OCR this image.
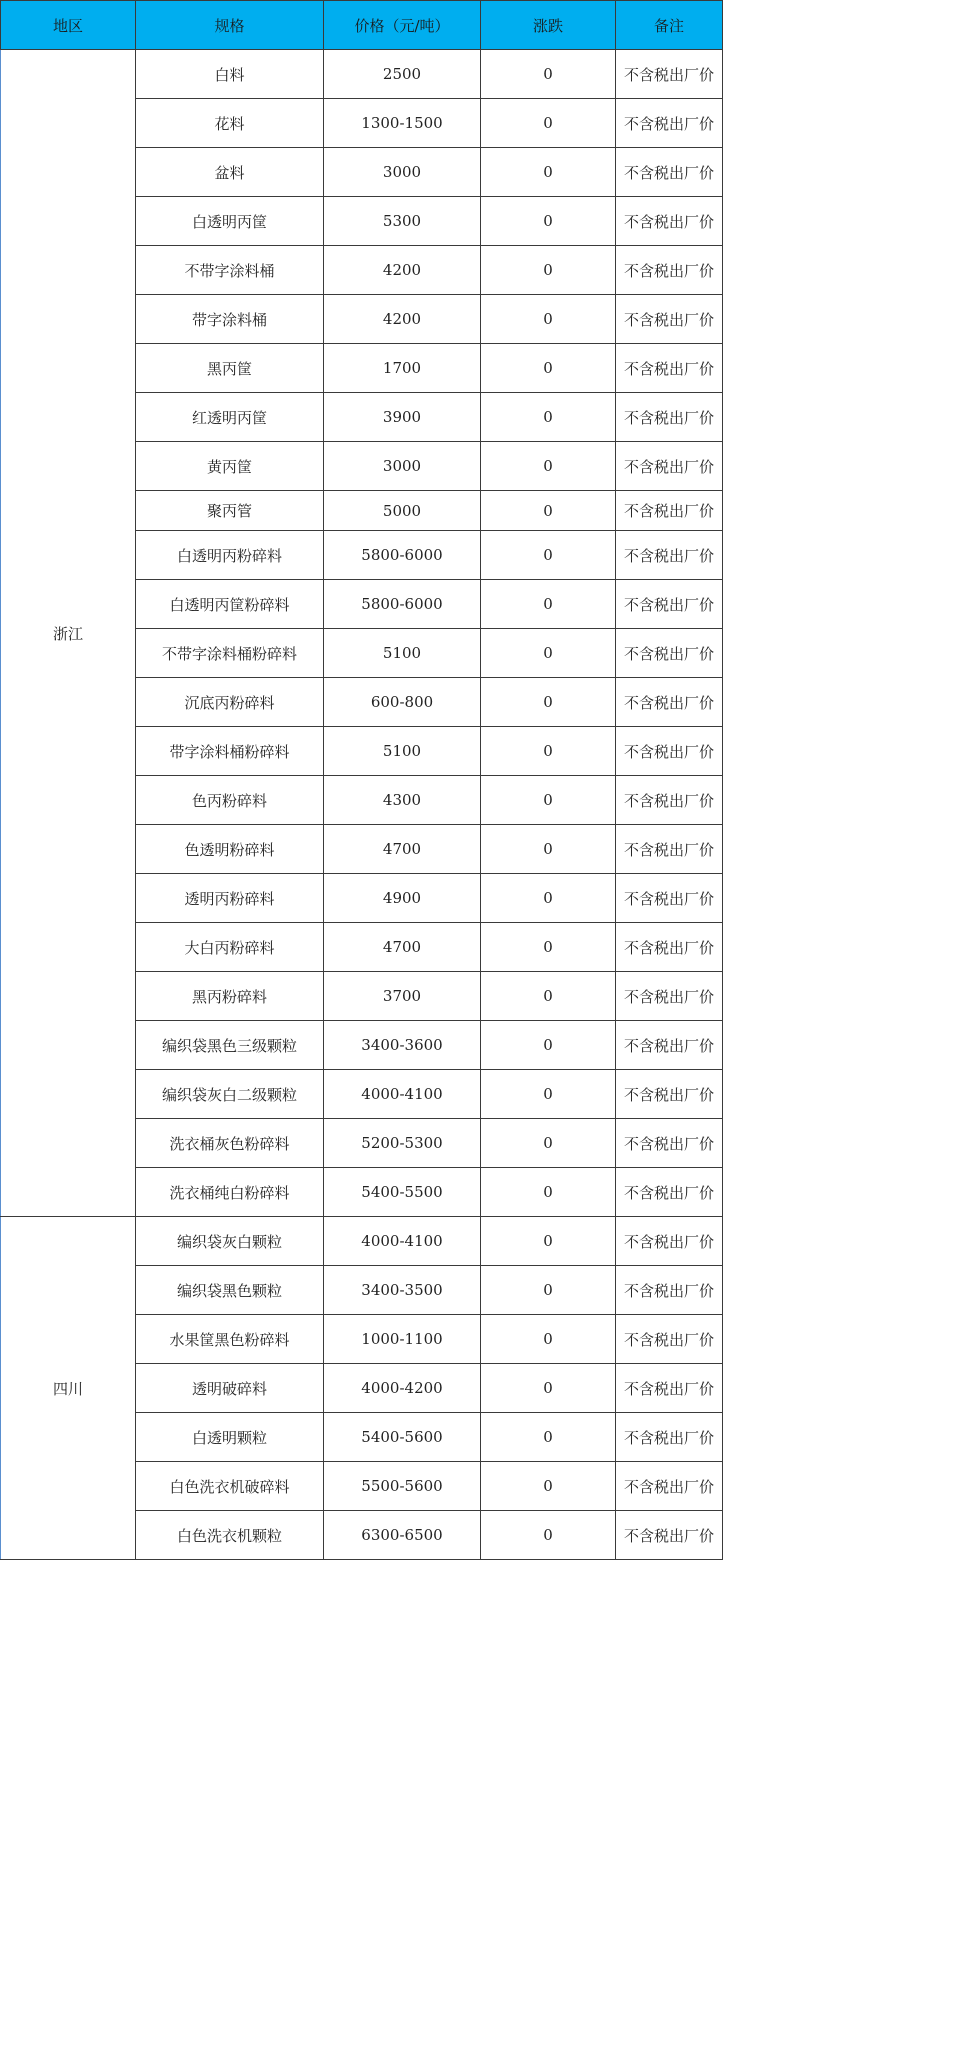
地区	规格	价格（元/吨）	涨跌	备注
浙江	白料	2500	0	不含税出厂价
	花料	1300-1500	0	不含税出厂价
	盆料	3000	0	不含税出厂价
	白透明丙筐	5300	0	不含税出厂价
	不带字涂料桶	4200	0	不含税出厂价
	带字涂料桶	4200	0	不含税出厂价
	黑丙筐	1700	0	不含税出厂价
	红透明丙筐	3900	0	不含税出厂价
	黄丙筐	3000	0	不含税出厂价
	聚丙管	5000	0	不含税出厂价
	白透明丙粉碎料	5800-6000	0	不含税出厂价
	白透明丙筐粉碎料	5800-6000	0	不含税出厂价
	不带字涂料桶粉碎料	5100	0	不含税出厂价
	沉底丙粉碎料	600-800	0	不含税出厂价
	带字涂料桶粉碎料	5100	0	不含税出厂价
	色丙粉碎料	4300	0	不含税出厂价
	色透明粉碎料	4700	0	不含税出厂价
	透明丙粉碎料	4900	0	不含税出厂价
	大白丙粉碎料	4700	0	不含税出厂价
	黑丙粉碎料	3700	0	不含税出厂价
	编织袋黑色三级颗粒	3400-3600	0	不含税出厂价
	编织袋灰白二级颗粒	4000-4100	0	不含税出厂价
	洗衣桶灰色粉碎料	5200-5300	0	不含税出厂价
	洗衣桶纯白粉碎料	5400-5500	0	不含税出厂价
四川	编织袋灰白颗粒	4000-4100	0	不含税出厂价
	编织袋黑色颗粒	3400-3500	0	不含税出厂价
	水果筐黑色粉碎料	1000-1100	0	不含税出厂价
	透明破碎料	4000-4200	0	不含税出厂价
	白透明颗粒	5400-5600	0	不含税出厂价
	白色洗衣机破碎料	5500-5600	0	不含税出厂价
	白色洗衣机颗粒	6300-6500	0	不含税出厂价
